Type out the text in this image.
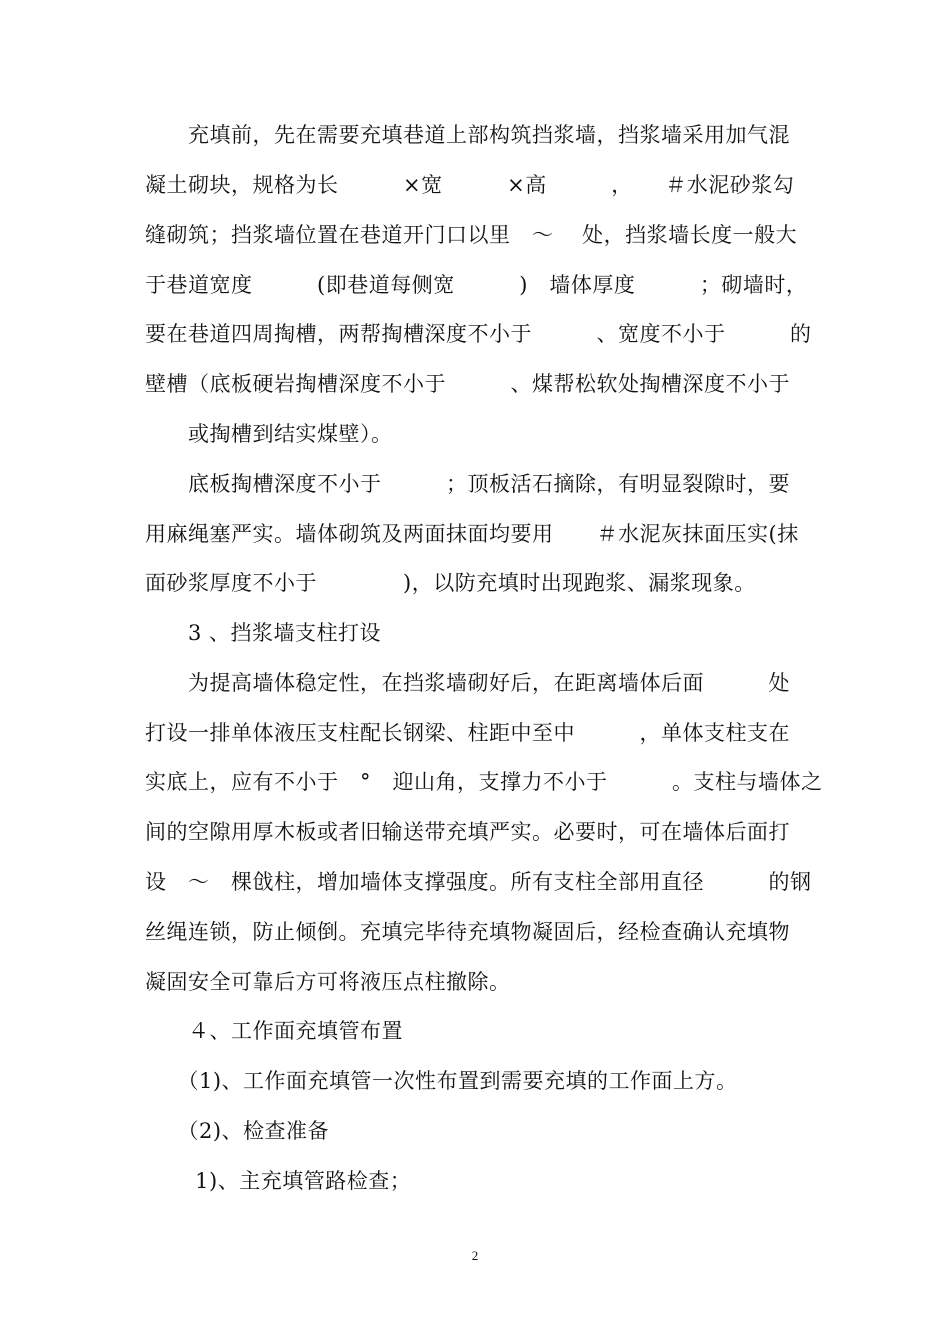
　　充填前，先在需要充填巷道上部构筑挡浆墙，挡浆墙采用加气混
凝土砌块，规格为长　　　×宽　　　×高　　　，　　＃水泥砂浆勾
缝砌筑；挡浆墙位置在巷道开门口以里　～　 处，挡浆墙长度一般大
于巷道宽度　　　(即巷道每侧宽　　　)　墙体厚度　　　；砌墙时，
要在巷道四周掏槽，两帮掏槽深度不小于　　　、宽度不小于　　　的
壁槽（底板硬岩掏槽深度不小于　　　、煤帮松软处掏槽深度不小于
　　或掏槽到结实煤壁）。
　　底板掏槽深度不小于　　　；顶板活石摘除，有明显裂隙时，要
用麻绳塞严实。墙体砌筑及两面抹面均要用　　＃水泥灰抹面压实(抹
面砂浆厚度不小于　　　　)，以防充填时出现跑浆、漏浆现象。
　　3 、挡浆墙支柱打设
　　为提高墙体稳定性，在挡浆墙砌好后，在距离墙体后面　　　处
打设一排单体液压支柱配长钢梁、柱距中至中　　　，单体支柱支在
实底上，应有不小于　°　迎山角，支撑力不小于　　　。支柱与墙体之
间的空隙用厚木板或者旧输送带充填严实。必要时，可在墙体后面打
设　～　棵戗柱，增加墙体支撑强度。所有支柱全部用直径　　　的钢
丝绳连锁，防止倾倒。充填完毕待充填物凝固后，经检查确认充填物
凝固安全可靠后方可将液压点柱撤除。
　　４、工作面充填管布置
　　（1)、工作面充填管一次性布置到需要充填的工作面上方。
　　（2)、检查准备
　　 1)、主充填管路检查；
2
